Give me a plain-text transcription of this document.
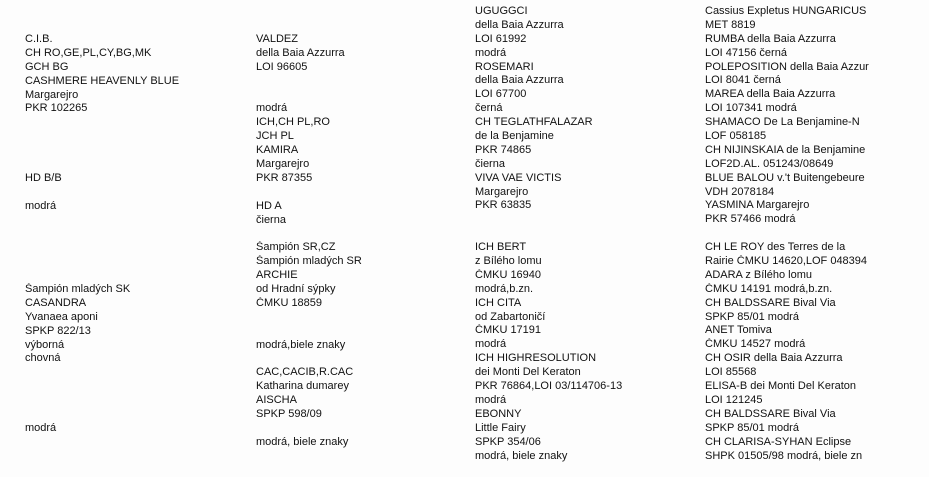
C.I.B.
CH RO,GE,PL,CY,BG,MK
GCH BG
CASHMERE HEAVENLY BLUE
Margarejro
PKR 102265
HD B/B
modrá
Šampión mladých SK
CASANDRA
Yvanaea aponi
SPKP 822/13
výborná
chovná
modrá
VALDEZ
della Baia Azzurra
LOI 96605
modrá
ICH,CH PL,RO
JCH PL
KAMIRA
Margarejro
PKR 87355
HD A
čierna
Šampión SR,CZ
Šampión mladých SR
ARCHIE
od Hradní sýpky
ČMKU 18859
modrá,biele znaky
CAC,CACIB,R.CAC
Katharina dumarey
AISCHA
SPKP 598/09
modrá, biele znaky
UGUGGCI
della Baia Azzurra
LOI 61992
modrá
ROSEMARI
della Baia Azzurra
LOI 67700
černá
CH TEGLATHFALAZAR
de la Benjamine
PKR 74865
čierna
VIVA VAE VICTIS
Margarejro
PKR 63835
ICH BERT
z Bílého lomu
ČMKU 16940
modrá,b.zn.
ICH CITA
od Zabartoničí
ČMKU 17191
modrá
ICH HIGHRESOLUTION
dei Monti Del Keraton
PKR 76864,LOI 03/114706-13
modrá
EBONNY
Little Fairy
SPKP 354/06
modrá, biele znaky
Cassius Expletus HUNGARICUS
MET 8819
RUMBA della Baia Azzurra
LOI 47156 černá
POLEPOSITION della Baia Azzur
LOI 8041 černá
MAREA della Baia Azzurra
LOI 107341 modrá
SHAMACO De La Benjamine-N
LOF 058185
CH NIJINSKAIA de la Benjamine
LOF2D.AL. 051243/08649
BLUE BALOU v.'t Buitengebeure
VDH 2078184
YASMINA Margarejro
PKR 57466 modrá
CH LE ROY des Terres de la
Rairie ČMKU 14620,LOF 048394
ADARA z Bílého lomu
ČMKU 14191 modrá,b.zn.
CH BALDSSARE Bival Via
SPKP 85/01 modrá
ANET Tomiva
ČMKU 14527 modrá
CH OSIR della Baia Azzurra
LOI 85568
ELISA-B dei Monti Del Keraton
LOI 121245
CH BALDSSARE Bival Via
SPKP 85/01 modrá
CH CLARISA-SYHAN Eclipse
SHPK 01505/98 modrá, biele zn
